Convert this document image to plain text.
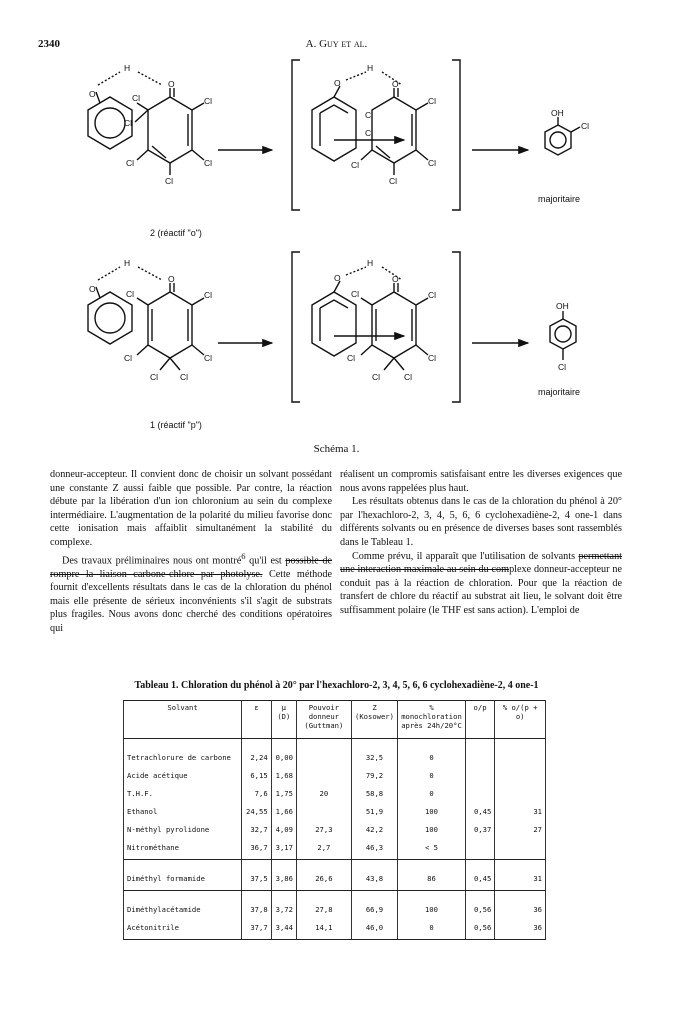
2340	A. Guy et al.
H
O
O
Cl
Cl
Cl
Cl	Cl
Cl
H
O	O
Cl
Cl
Cl
Cl	Cl
Cl
OH
Cl
H
O
O
Cl	Cl
Cl	Cl
Cl	Cl
H
O	O
Cl	Cl
Cl	Cl
Cl	Cl
OH
Cl
2 (réactif "o")
1 (réactif "p")
majoritaire
majoritaire
Schéma 1.

donneur-accepteur. Il convient donc de choisir un solvant possédant une constante Z aussi faible que possible. Par contre, la réaction débute par la libération d'un ion chloronium au sein du complexe intermédiaire. L'augmentation de la polarité du milieu favorise donc cette ionisation mais affaiblit simultanément la stabilité du complexe.

Des travaux préliminaires nous ont montré$^6$ qu'il est possible de rompre la liaison carbone-chlore par photolyse. Cette méthode fournit d'excellents résultats dans le cas de la chloration du phénol mais elle présente de sérieux inconvénients s'il s'agit de substrats plus fragiles. Nous avons donc cherché des conditions opératoires qui

réalisent un compromis satisfaisant entre les diverses exigences que nous avons rappelées plus haut.

Les résultats obtenus dans le cas de la chloration du phénol à 20° par l'hexachloro-2, 3, 4, 5, 6, 6 cyclohexadiène-2, 4 one-1 dans différents solvants ou en présence de diverses bases sont rassemblés dans le Tableau 1.

Comme prévu, il apparaît que l'utilisation de solvants permettant une interaction maximale au sein du complexe donneur-accepteur ne conduit pas à la réaction de chloration. Pour que la réaction de transfert de chlore du réactif au substrat ait lieu, le solvant doit être suffisamment polaire (le THF est sans action). L'emploi de

Tableau 1. Chloration du phénol à 20° par l'hexachloro-2, 3, 4, 5, 6, 6 cyclohexadiène-2, 4 one-1
Solvant	ε	μ (D)	Pouvoir donneur (Guttman)	Z (Kosower)	% monochloration après 24h/20°C	o/p	% o/(p + o)
Tetrachlorure de carbone	2,24	0,00		32,5	0		
Acide acétique	6,15	1,68		79,2	0		
T.H.F.	7,6	1,75	20	58,8	0		
Ethanol	24,55	1,66		51,9	100	0,45	31
N-méthyl pyrolidone	32,7	4,09	27,3	42,2	100	0,37	27
Nitrométhane	36,7	3,17	2,7	46,3	< 5		
Diméthyl formamide	37,5	3,86	26,6	43,8	86	0,45	31
Diméthylacétamide	37,8	3,72	27,8	66,9	100	0,56	36
Acétonitrile	37,7	3,44	14,1	46,0	0	0,56	36
